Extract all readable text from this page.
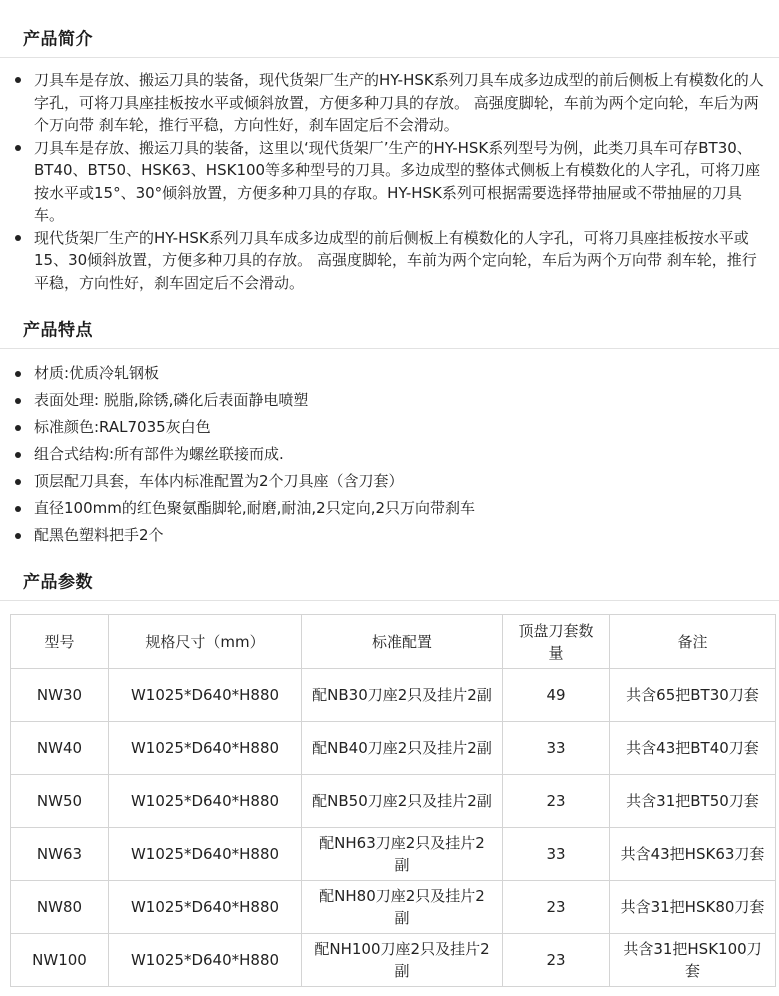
产品简介
刀具车是存放、搬运刀具的装备，现代货架厂生产的HY-HSK系列刀具车成多边成型的前后侧板上有模数化的人字孔，可将刀具座挂板按水平或倾斜放置，方便多种刀具的存放。 高强度脚轮，车前为两个定向轮，车后为两个万向带 刹车轮，推行平稳，方向性好，刹车固定后不会滑动。
刀具车是存放、搬运刀具的装备，这里以‘现代货架厂’生产的HY-HSK系列型号为例，此类刀具车可存BT30、BT40、BT50、HSK63、HSK100等多种型号的刀具。多边成型的整体式侧板上有模数化的人字孔，可将刀座按水平或15°、30°倾斜放置，方便多种刀具的存取。HY-HSK系列可根据需要选择带抽屉或不带抽屉的刀具车。
现代货架厂生产的HY-HSK系列刀具车成多边成型的前后侧板上有模数化的人字孔，可将刀具座挂板按水平或15、30倾斜放置，方便多种刀具的存放。 高强度脚轮，车前为两个定向轮，车后为两个万向带 刹车轮，推行平稳，方向性好，刹车固定后不会滑动。
产品特点
材质:优质冷轧钢板
表面处理: 脱脂,除锈,磷化后表面静电喷塑
标准颜色:RAL7035灰白色
组合式结构:所有部件为螺丝联接而成.
顶层配刀具套，车体内标准配置为2个刀具座（含刀套）
直径100mm的红色聚氨酯脚轮,耐磨,耐油,2只定向,2只万向带刹车
配黑色塑料把手2个
产品参数
型号	规格尺寸（mm）	标准配置	顶盘刀套数量	备注
NW30	W1025*D640*H880	配NB30刀座2只及挂片2副	49	共含65把BT30刀套
NW40	W1025*D640*H880	配NB40刀座2只及挂片2副	33	共含43把BT40刀套
NW50	W1025*D640*H880	配NB50刀座2只及挂片2副	23	共含31把BT50刀套
NW63	W1025*D640*H880	配NH63刀座2只及挂片2副	33	共含43把HSK63刀套
NW80	W1025*D640*H880	配NH80刀座2只及挂片2副	23	共含31把HSK80刀套
NW100	W1025*D640*H880	配NH100刀座2只及挂片2副	23	共含31把HSK100刀套
